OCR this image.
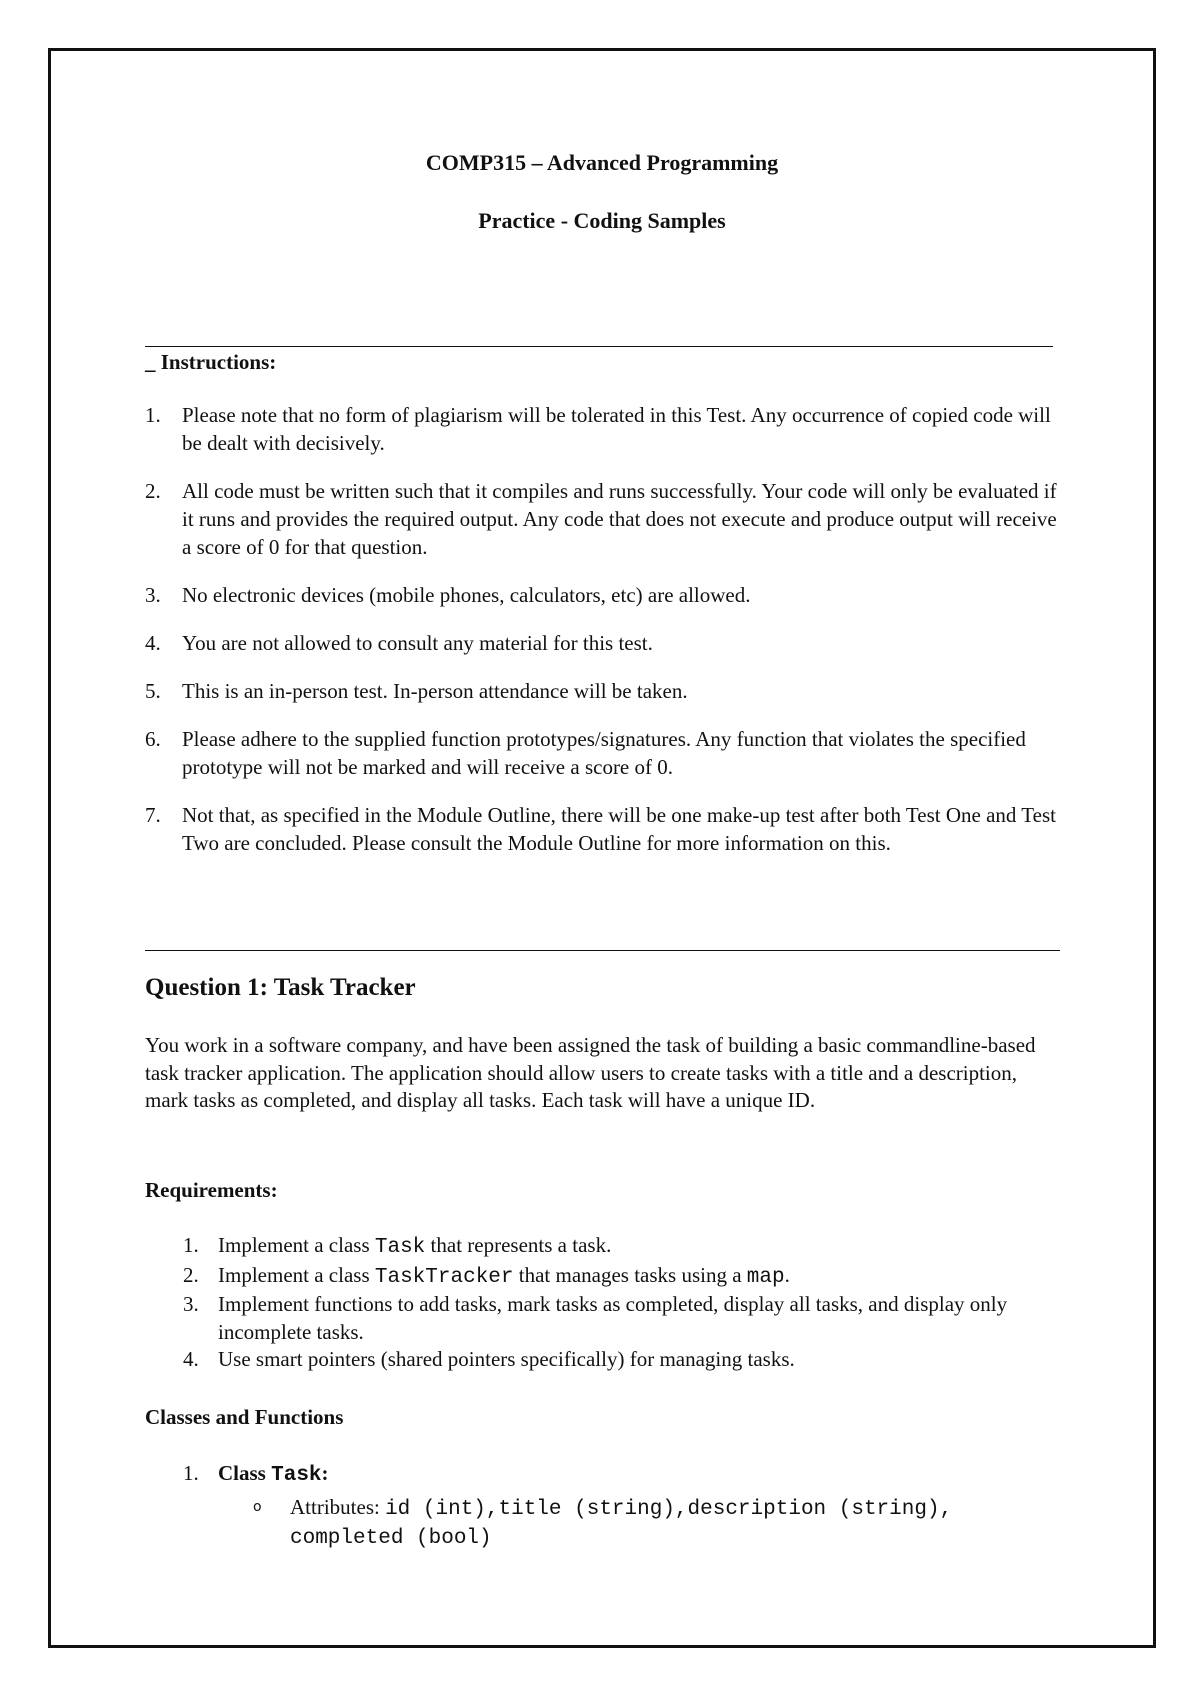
COMP315 – Advanced Programming
Practice - Coding Samples

_ Instructions:

1. Please note that no form of plagiarism will be tolerated in this Test. Any occurrence of copied code will be dealt with decisively.
2. All code must be written such that it compiles and runs successfully. Your code will only be evaluated if it runs and provides the required output. Any code that does not execute and produce output will receive a score of 0 for that question.
3. No electronic devices (mobile phones, calculators, etc) are allowed.
4. You are not allowed to consult any material for this test.
5. This is an in-person test. In-person attendance will be taken.
6. Please adhere to the supplied function prototypes/signatures. Any function that violates the specified prototype will not be marked and will receive a score of 0.
7. Not that, as specified in the Module Outline, there will be one make-up test after both Test One and Test Two are concluded. Please consult the Module Outline for more information on this.
Question 1: Task Tracker

You work in a software company, and have been assigned the task of building a basic commandline-based task tracker application. The application should allow users to create tasks with a title and a description, mark tasks as completed, and display all tasks. Each task will have a unique ID.

Requirements:

1. Implement a class Task that represents a task.
2. Implement a class TaskTracker that manages tasks using a map.
3. Implement functions to add tasks, mark tasks as completed, display all tasks, and display only incomplete tasks.
4. Use smart pointers (shared pointers specifically) for managing tasks.

Classes and Functions

1. Class Task:
o Attributes: id (int),title (string),description (string), completed (bool)
